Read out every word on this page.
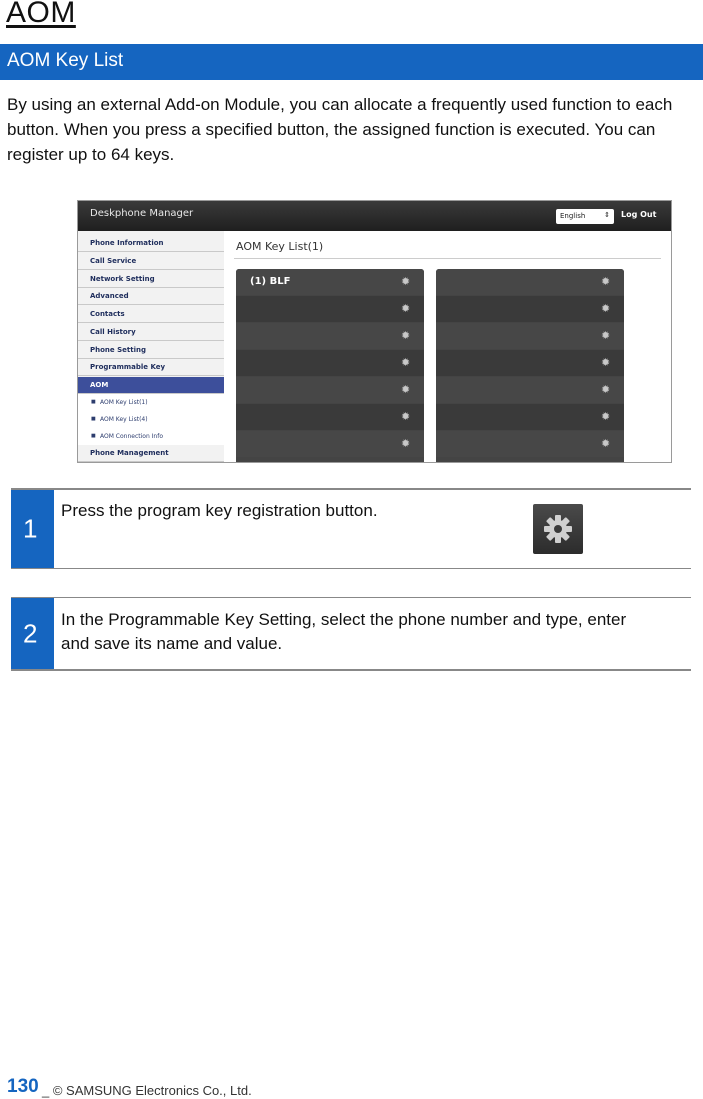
AOM
AOM Key List

By using an external Add-on Module, you can allocate a frequently used function to each button. When you press a specified button, the assigned function is executed. You can register up to 64 keys.

Deskphone Manager	English	⇕ Log Out
Phone Information
Call Service
Network Setting
Advanced
Contacts
Call History
Phone Setting
Programmable Key
AOM
■ AOM Key List(1)
■ AOM Key List(4)
■ AOM Connection Info
Phone Management
AOM Key List(1)
(1) BLF	✹
✹
✹
✹
✹
✹
✹
✹
✹
✹
✹
✹
✹
✹
1

Press the program key registration button.

2 In the Programmable Key Setting, select the phone number and type, enter and save its name and value.

130 _ © SAMSUNG Electronics Co., Ltd.
